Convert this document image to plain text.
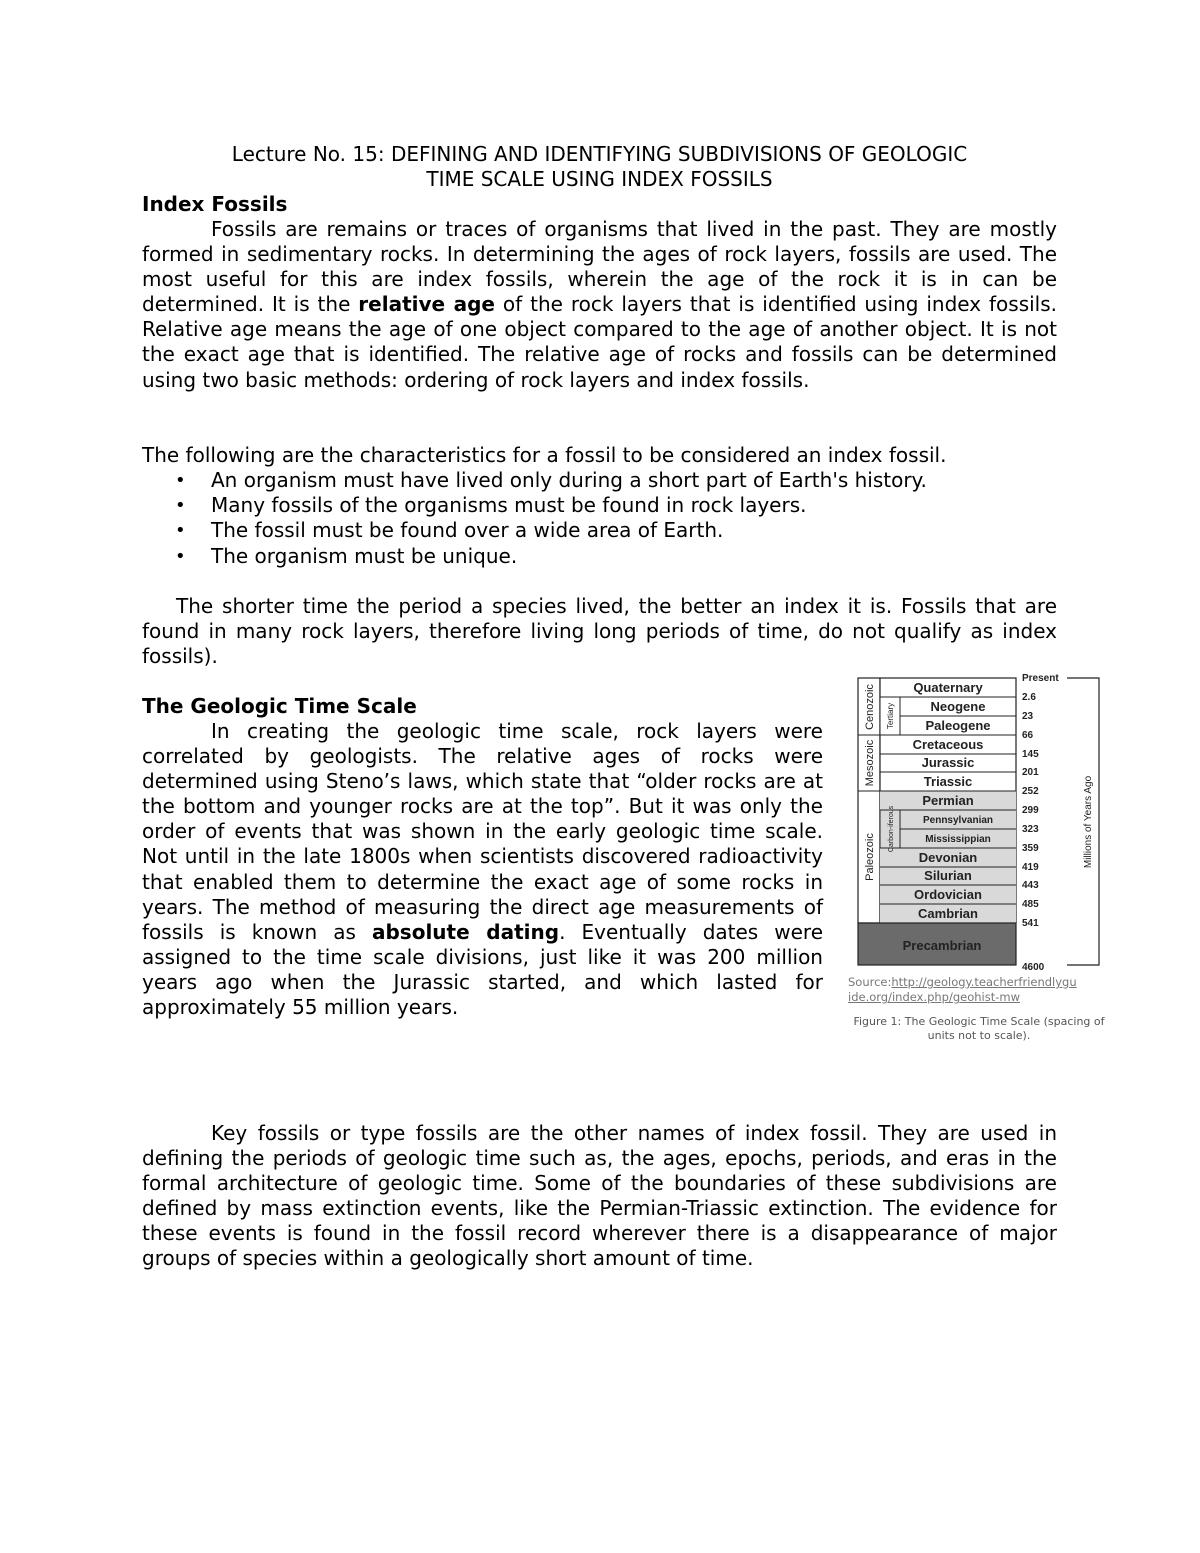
Lecture No. 15: DEFINING AND IDENTIFYING SUBDIVISIONS OF GEOLOGIC
TIME SCALE USING INDEX FOSSILS
Index Fossils
Fossils are remains or traces of organisms that lived in the past. They are mostly formed in sedimentary rocks. In determining the ages of rock layers, fossils are used. The most useful for this are index fossils, wherein the age of the rock it is in can be determined. It is the relative age of the rock layers that is identified using index fossils. Relative age means the age of one object compared to the age of another object. It is not the exact age that is identified. The relative age of rocks and fossils can be determined using two basic methods: ordering of rock layers and index fossils.
The following are the characteristics for a fossil to be considered an index fossil.
• An organism must have lived only during a short part of Earth's history.
• Many fossils of the organisms must be found in rock layers.
• The fossil must be found over a wide area of Earth.
• The organism must be unique.
The shorter time the period a species lived, the better an index it is. Fossils that are found in many rock layers, therefore living long periods of time, do not qualify as index fossils).
The Geologic Time Scale
In creating the geologic time scale, rock layers were correlated by geologists. The relative ages of rocks were determined using Steno’s laws, which state that “older rocks are at the bottom and younger rocks are at the top”. But it was only the order of events that was shown in the early geologic time scale. Not until in the late 1800s when scientists discovered radioactivity that enabled them to determine the exact age of some rocks in years. The method of measuring the direct age measurements of fossils is known as absolute dating. Eventually dates were assigned to the time scale divisions, just like it was 200 million years ago when the Jurassic started, and which lasted for approximately 55 million years.
Cenozoic
Mesozoic
Paleozoic
Tertiary
Carbon-iferous
Quaternary
Neogene
Paleogene
Cretaceous
Jurassic
Triassic
Permian
Pennsylvanian
Mississippian
Devonian
Silurian
Ordovician
Cambrian
Precambrian
Present
2.6
23
66
145
201
252
299
323
359
419
443
485
541
4600
Millions of Years Ago
Source:http://geology.teacherfriendlygu
ide.org/index.php/geohist-mw
Figure 1: The Geologic Time Scale (spacing of units not to scale).
Key fossils or type fossils are the other names of index fossil. They are used in defining the periods of geologic time such as, the ages, epochs, periods, and eras in the formal architecture of geologic time. Some of the boundaries of these subdivisions are defined by mass extinction events, like the Permian-Triassic extinction. The evidence for these events is found in the fossil record wherever there is a disappearance of major groups of species within a geologically short amount of time.
